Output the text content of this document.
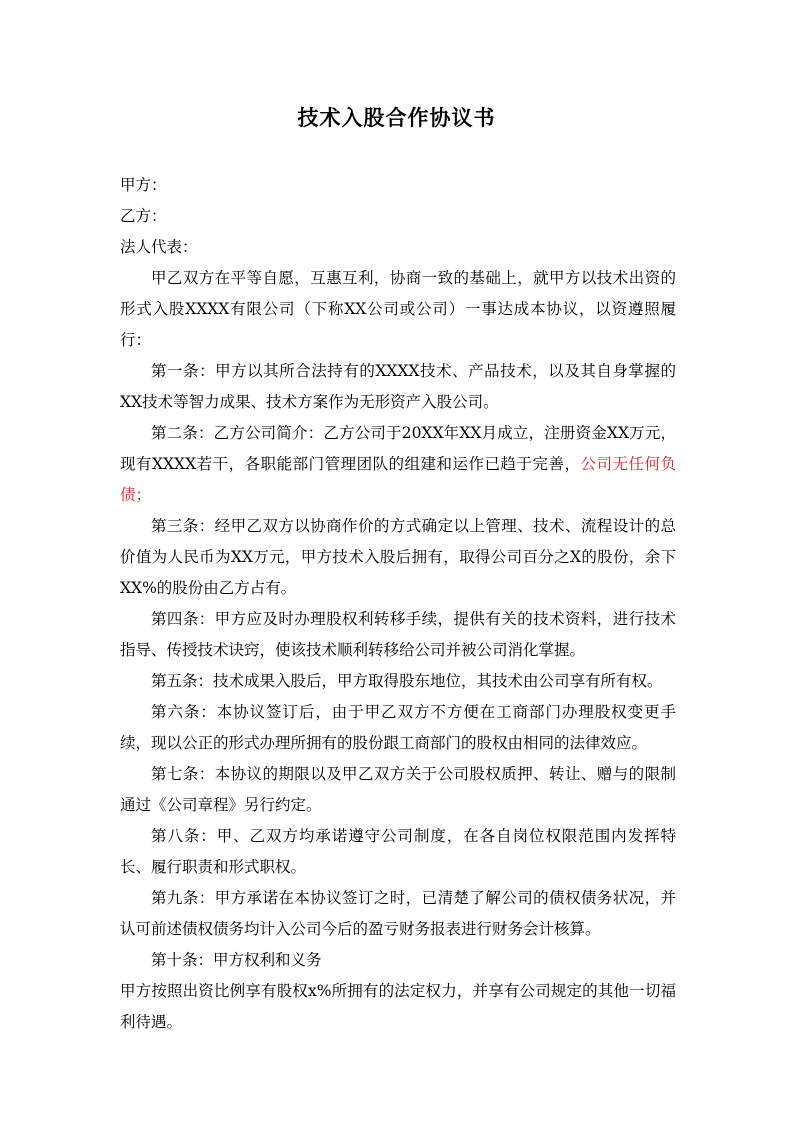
技术入股合作协议书
甲方：
乙方：
法人代表：

甲乙双方在平等自愿，互惠互利，协商一致的基础上，就甲方以技术出资的形式入股XXXX有限公司（下称XX公司或公司）一事达成本协议，以资遵照履行：

第一条：甲方以其所合法持有的XXXX技术、产品技术，以及其自身掌握的XX技术等智力成果、技术方案作为无形资产入股公司。

第二条：乙方公司简介：乙方公司于20XX年XX月成立，注册资金XX万元，现有XXXX若干，各职能部门管理团队的组建和运作已趋于完善，公司无任何负债；

第三条：经甲乙双方以协商作价的方式确定以上管理、技术、流程设计的总价值为人民币为XX万元，甲方技术入股后拥有，取得公司百分之X的股份，余下XX%的股份由乙方占有。

第四条：甲方应及时办理股权利转移手续，提供有关的技术资料，进行技术指导、传授技术诀窍，使该技术顺利转移给公司并被公司消化掌握。

第五条：技术成果入股后，甲方取得股东地位，其技术由公司享有所有权。

第六条：本协议签订后，由于甲乙双方不方便在工商部门办理股权变更手续，现以公正的形式办理所拥有的股份跟工商部门的股权由相同的法律效应。

第七条：本协议的期限以及甲乙双方关于公司股权质押、转让、赠与的限制通过《公司章程》另行约定。

第八条：甲、乙双方均承诺遵守公司制度，在各自岗位权限范围内发挥特长、履行职责和形式职权。

第九条：甲方承诺在本协议签订之时，已清楚了解公司的债权债务状况，并认可前述债权债务均计入公司今后的盈亏财务报表进行财务会计核算。

第十条：甲方权利和义务

甲方按照出资比例享有股权x%所拥有的法定权力，并享有公司规定的其他一切福利待遇。
